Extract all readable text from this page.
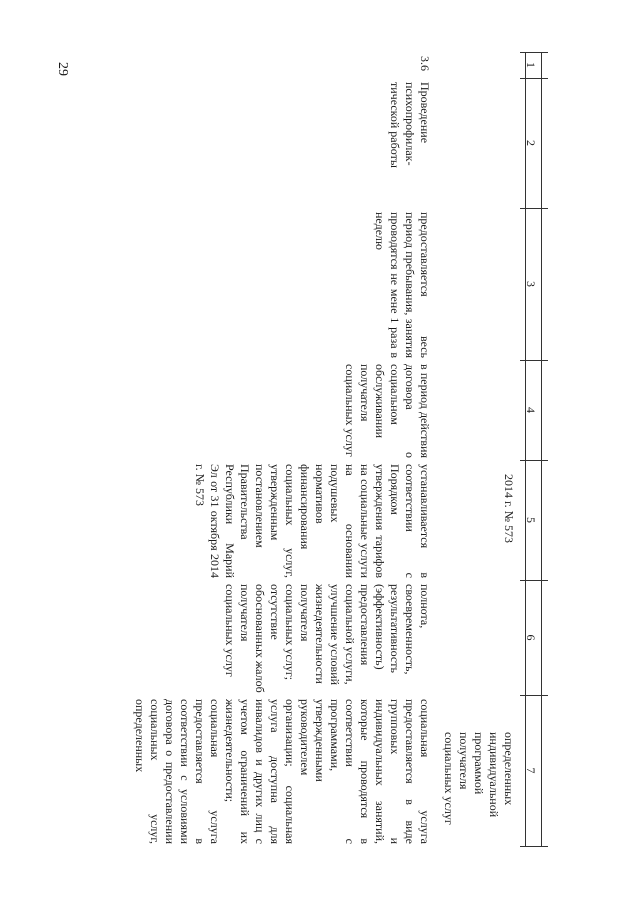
29	1
2
3
4
5
6
7
2014 г. № 573
определенных индивидуальной программой получателя социальных услуг
3.6
Проведение психопрофилак-тической работы
предоставляется весь период пребывания, занятия проводятся не мене 1 раза в неделю
в период действия договора о социальном обслуживании получателя социальных услуг
устанавливается в соответствии с Порядком утверждения тарифов на социальные услуги на основании подушевых нормативов финансирования социальных услуг, утвержденным постановлением Правительства Республики Марий Эл от 31 октября 2014 г. № 573
полнота, своевременность, результативность (эффективность) предоставления социальной услуги, улучшение условий жизнедеятельности получателя социальных услуг; отсутствие обоснованных жалоб получателя социальных услуг
социальная услуга предоставляется в виде групповых и индивидуальных занятий, которые проводятся в соответствии с программами, утвержденными руководителем организации; социальная услуга доступна для инвалидов и других лиц с учетом ограничений их жизнедеятельности; социальная услуга предоставляется в соответствии с условиями договора о предоставлении социальных услуг, определенных
